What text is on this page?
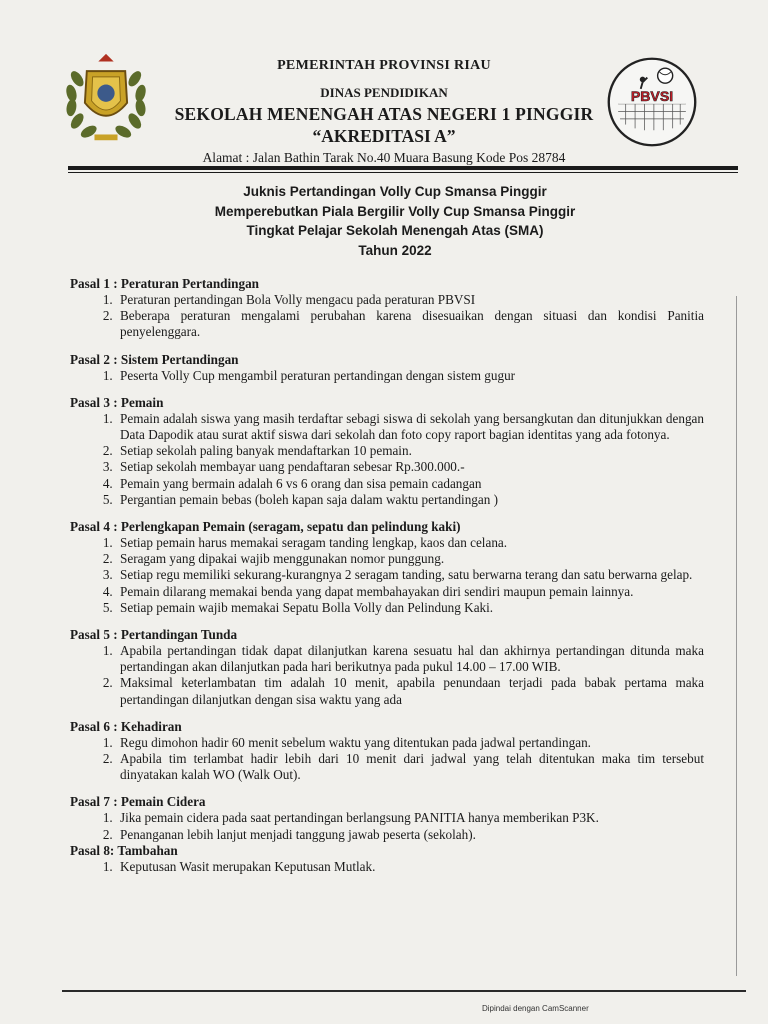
PEMERINTAH PROVINSI RIAU
DINAS PENDIDIKAN
SEKOLAH MENENGAH ATAS NEGERI 1 PINGGIR
“AKREDITASI A”
Alamat : Jalan Bathin Tarak No.40 Muara Basung Kode Pos 28784
PBVSI
Juknis Pertandingan Volly Cup Smansa Pinggir
Memperebutkan Piala Bergilir Volly Cup Smansa Pinggir
Tingkat Pelajar Sekolah Menengah Atas (SMA)
Tahun 2022
Pasal 1 : Peraturan Pertandingan
1. Peraturan pertandingan Bola Volly mengacu pada peraturan PBVSI
2. Beberapa peraturan mengalami perubahan karena disesuaikan dengan situasi dan kondisi Panitia penyelenggara.
Pasal 2 : Sistem Pertandingan
1. Peserta Volly Cup mengambil peraturan pertandingan dengan sistem gugur
Pasal 3 : Pemain
1. Pemain adalah siswa yang masih terdaftar sebagi siswa di sekolah yang bersangkutan dan ditunjukkan dengan Data Dapodik atau surat aktif siswa dari sekolah dan foto copy raport bagian identitas yang ada fotonya.
2. Setiap sekolah paling banyak mendaftarkan 10 pemain.
3. Setiap sekolah membayar uang pendaftaran sebesar Rp.300.000.-
4. Pemain yang bermain adalah 6 vs 6 orang dan sisa pemain cadangan
5. Pergantian pemain bebas (boleh kapan saja dalam waktu pertandingan )
Pasal 4 : Perlengkapan Pemain (seragam, sepatu dan pelindung kaki)
1. Setiap pemain harus memakai seragam tanding lengkap, kaos dan celana.
2. Seragam yang dipakai wajib menggunakan nomor punggung.
3. Setiap regu memiliki sekurang-kurangnya 2 seragam tanding, satu berwarna terang dan satu berwarna gelap.
4. Pemain dilarang memakai benda yang dapat membahayakan diri sendiri maupun pemain lainnya.
5. Setiap pemain wajib memakai Sepatu Bolla Volly dan Pelindung Kaki.
Pasal 5 : Pertandingan Tunda
1. Apabila pertandingan tidak dapat dilanjutkan karena sesuatu hal dan akhirnya pertandingan ditunda maka pertandingan akan dilanjutkan pada hari berikutnya pada pukul 14.00 – 17.00 WIB.
2. Maksimal keterlambatan tim adalah 10 menit, apabila penundaan terjadi pada babak pertama maka pertandingan dilanjutkan dengan sisa waktu yang ada
Pasal 6 : Kehadiran
1. Regu dimohon hadir 60 menit sebelum waktu yang ditentukan pada jadwal pertandingan.
2. Apabila tim terlambat hadir lebih dari 10 menit dari jadwal yang telah ditentukan maka tim tersebut dinyatakan kalah WO (Walk Out).
Pasal 7 : Pemain Cidera
1. Jika pemain cidera pada saat pertandingan berlangsung PANITIA hanya memberikan P3K.
2. Penanganan lebih lanjut menjadi tanggung jawab peserta (sekolah).
Pasal 8: Tambahan
1. Keputusan Wasit merupakan Keputusan Mutlak.
Dipindai dengan CamScanner
